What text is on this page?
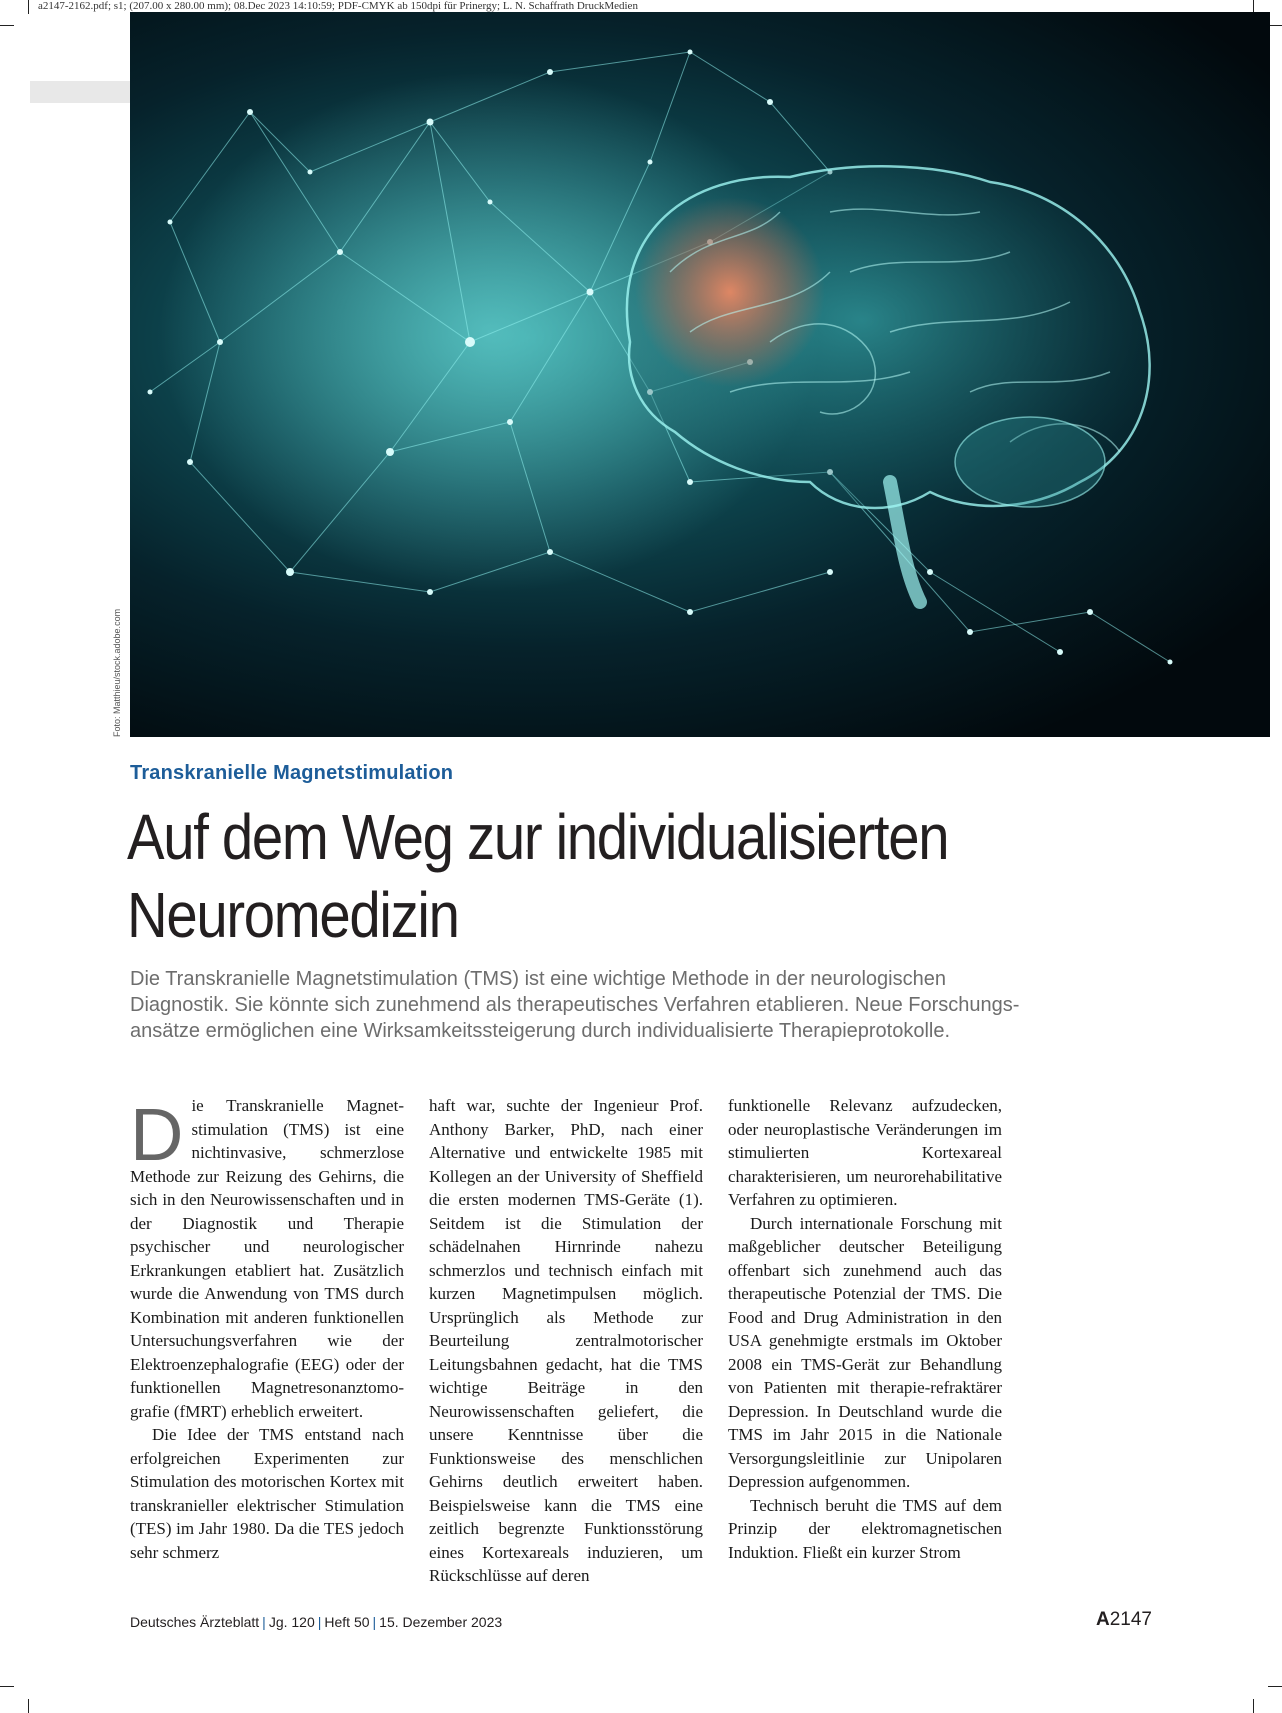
a2147-2162.pdf; s1; (207.00 x 280.00 mm); 08.Dec 2023 14:10:59; PDF-CMYK ab 150dpi für Prinergy; L. N. Schaffrath DruckMedien
Foto: Matthieu/stock.adobe.com
Transkranielle Magnetstimulation
Auf dem Weg zur individualisierten
Neuromedizin
Die Transkranielle Magnetstimulation (TMS) ist eine wichtige Methode in der neurologischen
Diagnostik. Sie könnte sich zunehmend als therapeutisches Verfahren etablieren. Neue Forschungs-
ansätze ermöglichen eine Wirksamkeitssteigerung durch individualisierte Therapieprotokolle.

Die Transkranielle Magnetstimulation (TMS) ist eine nichtinvasive, schmerzlose Methode zur Reizung des Gehirns, die sich in den Neurowissenschaften und in der Diagnostik und Therapie psychischer und neurologischer Erkrankungen etabliert hat. Zusätzlich wurde die Anwendung von TMS durch Kombination mit anderen funktionellen Untersuchungsverfahren wie der Elektroenzephalografie (EEG) oder der funktionellen Magnetresonanztomografie (fMRT) erheblich erweitert.

Die Idee der TMS entstand nach erfolgreichen Experimenten zur Stimulation des motorischen Kortex mit transkranieller elektrischer Stimulation (TES) im Jahr 1980. Da die TES jedoch sehr schmerz

haft war, suchte der Ingenieur Prof. Anthony Barker, PhD, nach einer Alternative und entwickelte 1985 mit Kollegen an der University of Sheffield die ersten modernen TMS-Geräte (1). Seitdem ist die Stimulation der schädelnahen Hirnrinde nahezu schmerzlos und technisch einfach mit kurzen Magnetimpulsen möglich. Ursprünglich als Methode zur Beurteilung zentralmotorischer Leitungsbahnen gedacht, hat die TMS wichtige Beiträge in den Neurowissenschaften geliefert, die unsere Kenntnisse über die Funktionsweise des menschlichen Gehirns deutlich erweitert haben. Beispielsweise kann die TMS eine zeitlich begrenzte Funktionsstörung eines Kortexareals induzieren, um Rückschlüsse auf deren

funktionelle Relevanz aufzudecken, oder neuroplastische Veränderungen im stimulierten Kortexareal charakterisieren, um neurorehabilitative Verfahren zu optimieren.

Durch internationale Forschung mit maßgeblicher deutscher Beteiligung offenbart sich zunehmend auch das therapeutische Potenzial der TMS. Die Food and Drug Administration in den USA genehmigte erstmals im Oktober 2008 ein TMS-Gerät zur Behandlung von Patienten mit therapie-refraktärer Depression. In Deutschland wurde die TMS im Jahr 2015 in die Nationale Versorgungsleitlinie zur Unipolaren Depression aufgenommen.

Technisch beruht die TMS auf dem Prinzip der elektromagnetischen Induktion. Fließt ein kurzer Strom

Deutsches Ärzteblatt | Jg. 120 | Heft 50 | 15. Dezember 2023	A2147
